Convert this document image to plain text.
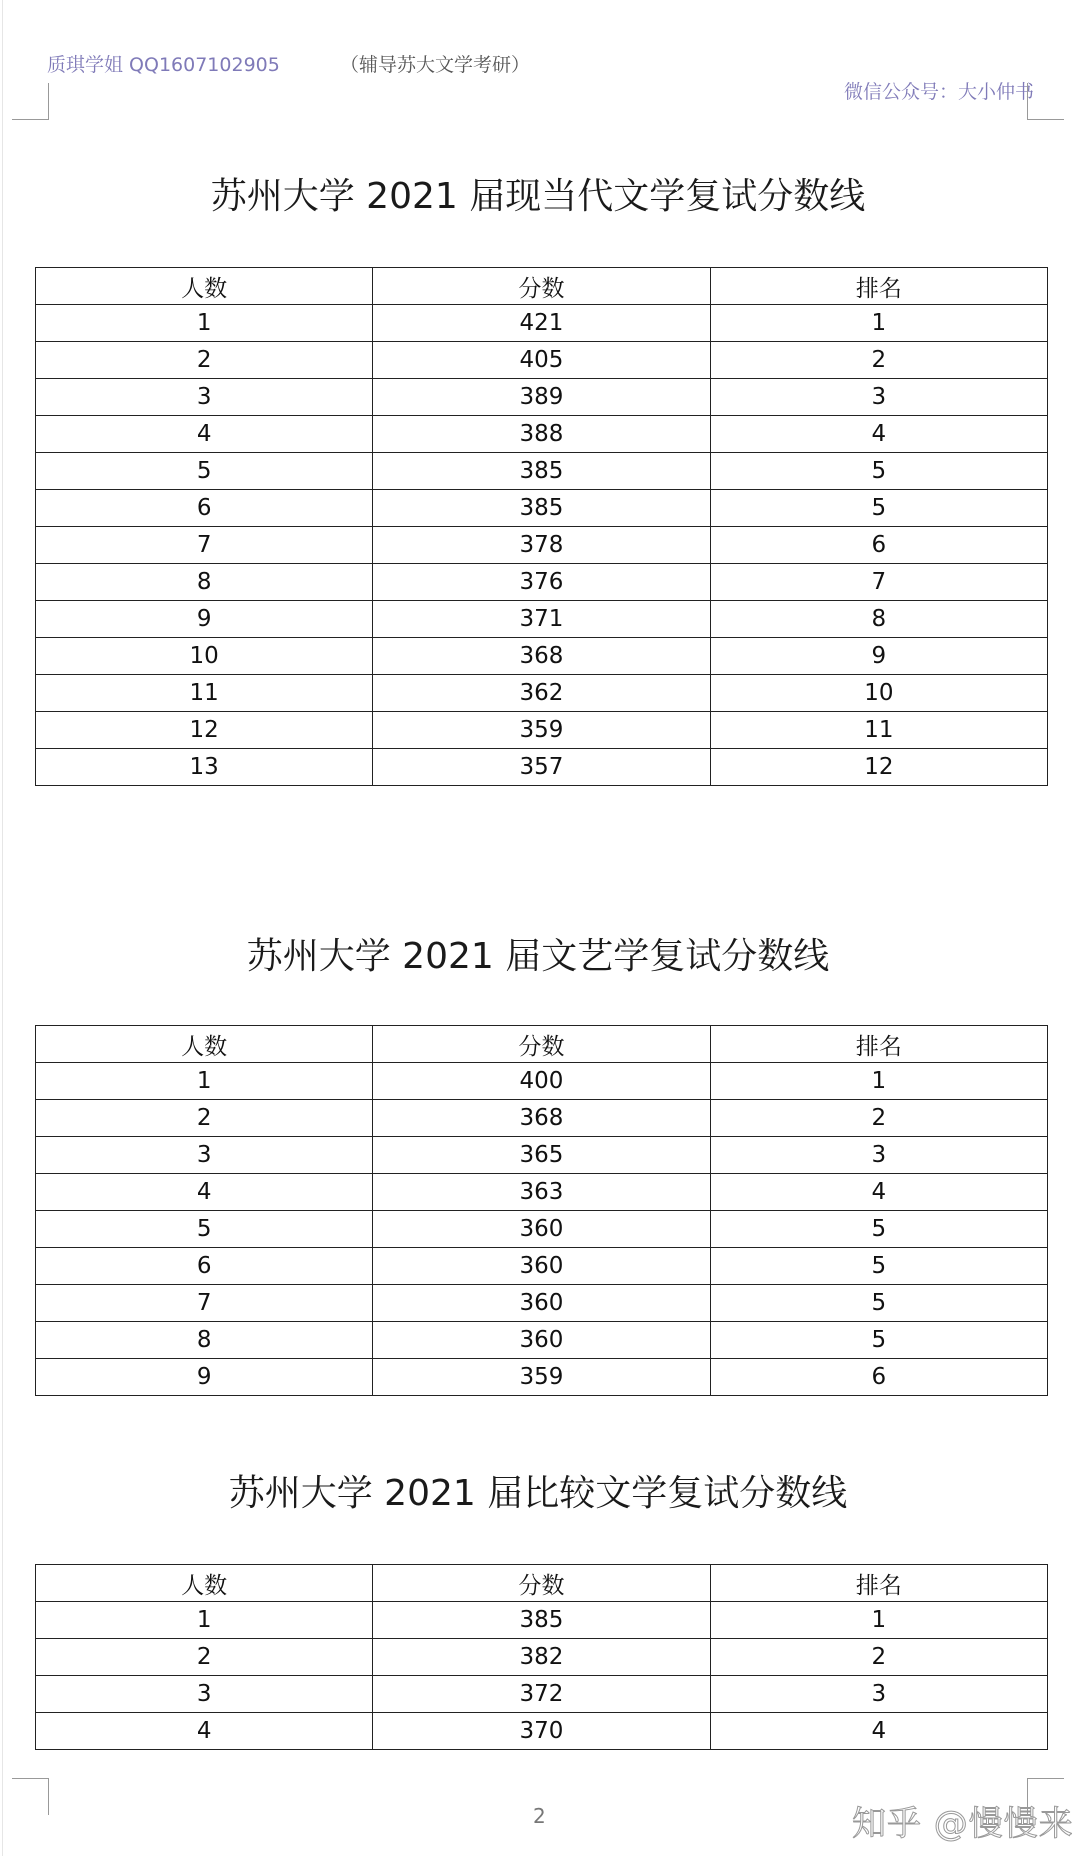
质琪学姐 QQ1607102905	（辅导苏大文学考研）
微信公众号：大小仲书
苏州大学 2021 届现当代文学复试分数线
人数	分数	排名
1	421	1
2	405	2
3	389	3
4	388	4
5	385	5
6	385	5
7	378	6
8	376	7
9	371	8
10	368	9
11	362	10
12	359	11
13	357	12
苏州大学 2021 届文艺学复试分数线
人数	分数	排名
1	400	1
2	368	2
3	365	3
4	363	4
5	360	5
6	360	5
7	360	5
8	360	5
9	359	6
苏州大学 2021 届比较文学复试分数线
人数	分数	排名
1	385	1
2	382	2
3	372	3
4	370	4
2	知乎 @慢慢来
